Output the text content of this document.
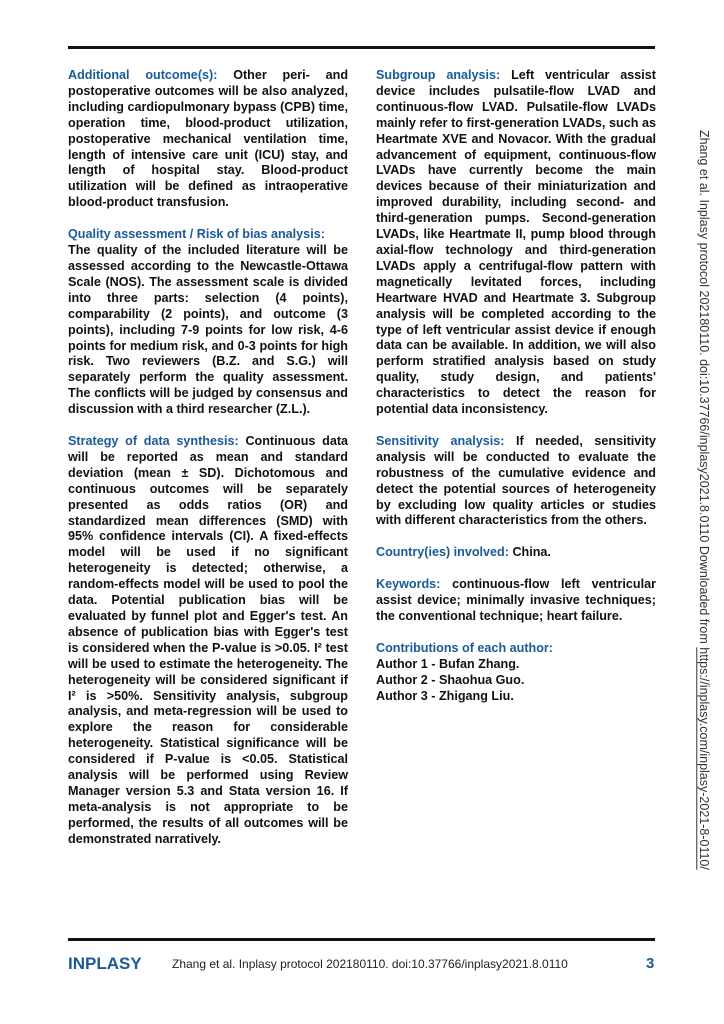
Additional outcome(s): Other peri- and postoperative outcomes will be also analyzed, including cardiopulmonary bypass (CPB) time, operation time, blood-product utilization, postoperative mechanical ventilation time, length of intensive care unit (ICU) stay, and length of hospital stay. Blood-product utilization will be defined as intraoperative blood-product transfusion.

Quality assessment / Risk of bias analysis:
The quality of the included literature will be assessed according to the Newcastle-Ottawa Scale (NOS). The assessment scale is divided into three parts: selection (4 points), comparability (2 points), and outcome (3 points), including 7-9 points for low risk, 4-6 points for medium risk, and 0-3 points for high risk. Two reviewers (B.Z. and S.G.) will separately perform the quality assessment. The conflicts will be judged by consensus and discussion with a third researcher (Z.L.).

Strategy of data synthesis: Continuous data will be reported as mean and standard deviation (mean ± SD). Dichotomous and continuous outcomes will be separately presented as odds ratios (OR) and standardized mean differences (SMD) with 95% confidence intervals (CI). A fixed-effects model will be used if no significant heterogeneity is detected; otherwise, a random-effects model will be used to pool the data. Potential publication bias will be evaluated by funnel plot and Egger's test. An absence of publication bias with Egger's test is considered when the P-value is >0.05. I² test will be used to estimate the heterogeneity. The heterogeneity will be considered significant if I² is >50%. Sensitivity analysis, subgroup analysis, and meta-regression will be used to explore the reason for considerable heterogeneity. Statistical significance will be considered if P-value is <0.05. Statistical analysis will be performed using Review Manager version 5.3 and Stata version 16. If meta-analysis is not appropriate to be performed, the results of all outcomes will be demonstrated narratively.

Subgroup analysis: Left ventricular assist device includes pulsatile-flow LVAD and continuous-flow LVAD. Pulsatile-flow LVADs mainly refer to first-generation LVADs, such as Heartmate XVE and Novacor. With the gradual advancement of equipment, continuous-flow LVADs have currently become the main devices because of their miniaturization and improved durability, including second- and third-generation pumps. Second-generation LVADs, like Heartmate II, pump blood through axial-flow technology and third-generation LVADs apply a centrifugal-flow pattern with magnetically levitated forces, including Heartware HVAD and Heartmate 3. Subgroup analysis will be completed according to the type of left ventricular assist device if enough data can be available. In addition, we will also perform stratified analysis based on study quality, study design, and patients' characteristics to detect the reason for potential data inconsistency.

Sensitivity analysis: If needed, sensitivity analysis will be conducted to evaluate the robustness of the cumulative evidence and detect the potential sources of heterogeneity by excluding low quality articles or studies with different characteristics from the others.

Country(ies) involved: China.

Keywords: continuous-flow left ventricular assist device; minimally invasive techniques; the conventional technique; heart failure.

Contributions of each author:
Author 1 - Bufan Zhang.
Author 2 - Shaohua Guo.
Author 3 - Zhigang Liu.
INPLASY	Zhang et al. Inplasy protocol 202180110. doi:10.37766/inplasy2021.8.0110	3
Zhang et al. Inplasy protocol 202180110. doi:10.37766/inplasy2021.8.0110 Downloaded from https://inplasy.com/inplasy-2021-8-0110/
